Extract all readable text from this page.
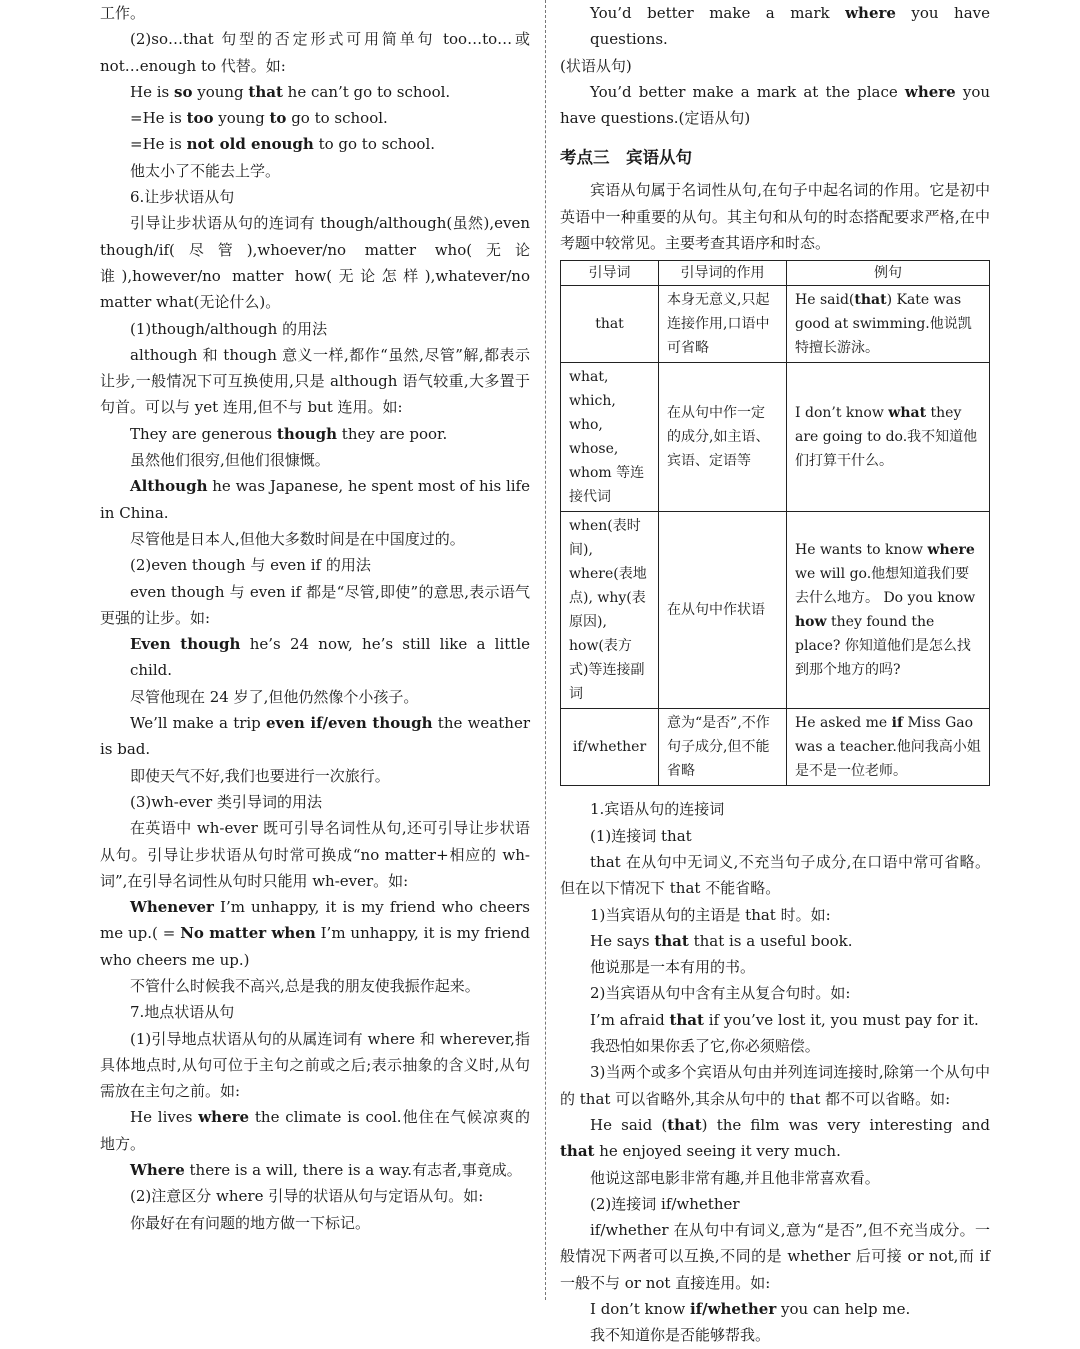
工作。

(2)so…that 句型的否定形式可用简单句 too…to…或 not…enough to 代替。如:

He is so young that he can’t go to school.

=He is too young to go to school.

=He is not old enough to go to school.

他太小了不能去上学。

6.让步状语从句

引导让步状语从句的连词有 though/although(虽然),even though/if(尽管),whoever/no matter who(无论谁),however/no matter how(无论怎样),whatever/no matter what(无论什么)。

(1)though/although 的用法

although 和 though 意义一样,都作“虽然,尽管”解,都表示让步,一般情况下可互换使用,只是 although 语气较重,大多置于句首。可以与 yet 连用,但不与 but 连用。如:

They are generous though they are poor.

虽然他们很穷,但他们很慷慨。

Although he was Japanese, he spent most of his life in China.

尽管他是日本人,但他大多数时间是在中国度过的。

(2)even though 与 even if 的用法

even though 与 even if 都是“尽管,即使”的意思,表示语气更强的让步。如:

Even though he’s 24 now, he’s still like a little child.

尽管他现在 24 岁了,但他仍然像个小孩子。

We’ll make a trip even if/even though the weather is bad.

即使天气不好,我们也要进行一次旅行。

(3)wh-ever 类引导词的用法

在英语中 wh-ever 既可引导名词性从句,还可引导让步状语从句。引导让步状语从句时常可换成“no matter+相应的 wh-词”,在引导名词性从句时只能用 wh-ever。如:

Whenever I’m unhappy, it is my friend who cheers me up.( = No matter when I’m unhappy, it is my friend who cheers me up.)

不管什么时候我不高兴,总是我的朋友使我振作起来。

7.地点状语从句

(1)引导地点状语从句的从属连词有 where 和 wherever,指具体地点时,从句可位于主句之前或之后;表示抽象的含义时,从句需放在主句之前。如:

He lives where the climate is cool.他住在气候凉爽的地方。

Where there is a will, there is a way.有志者,事竟成。

(2)注意区分 where 引导的状语从句与定语从句。如:

你最好在有问题的地方做一下标记。

You’d better make a mark where you have questions.

(状语从句)

You’d better make a mark at the place where you have questions.(定语从句)

考点三　宾语从句

宾语从句属于名词性从句,在句子中起名词的作用。它是初中英语中一种重要的从句。其主句和从句的时态搭配要求严格,在中考题中较常见。主要考查其语序和时态。

引导词	引导词的作用	例句
that	本身无意义,只起连接作用,口语中可省略	He said(that) Kate was good at swimming.他说凯特擅长游泳。
what, which, who, whose, whom 等连接代词	在从句中作一定的成分,如主语、宾语、定语等	I don’t know what they are going to do.我不知道他们打算干什么。
when(表时间), where(表地点), why(表原因), how(表方式)等连接副词	在从句中作状语	He wants to know where we will go.他想知道我们要去什么地方。 Do you know how they found the place? 你知道他们是怎么找到那个地方的吗?
if/whether	意为“是否”,不作句子成分,但不能省略	He asked me if Miss Gao was a teacher.他问我高小姐是不是一位老师。

1.宾语从句的连接词

(1)连接词 that

that 在从句中无词义,不充当句子成分,在口语中常可省略。但在以下情况下 that 不能省略。

1)当宾语从句的主语是 that 时。如:

He says that that is a useful book.

他说那是一本有用的书。

2)当宾语从句中含有主从复合句时。如:

I’m afraid that if you’ve lost it, you must pay for it.

我恐怕如果你丢了它,你必须赔偿。

3)当两个或多个宾语从句由并列连词连接时,除第一个从句中的 that 可以省略外,其余从句中的 that 都不可以省略。如:

He said (that) the film was very interesting and that he enjoyed seeing it very much.

他说这部电影非常有趣,并且他非常喜欢看。

(2)连接词 if/whether

if/whether 在从句中有词义,意为“是否”,但不充当成分。一般情况下两者可以互换,不同的是 whether 后可接 or not,而 if 一般不与 or not 直接连用。如:

I don’t know if/whether you can help me.

我不知道你是否能够帮我。
